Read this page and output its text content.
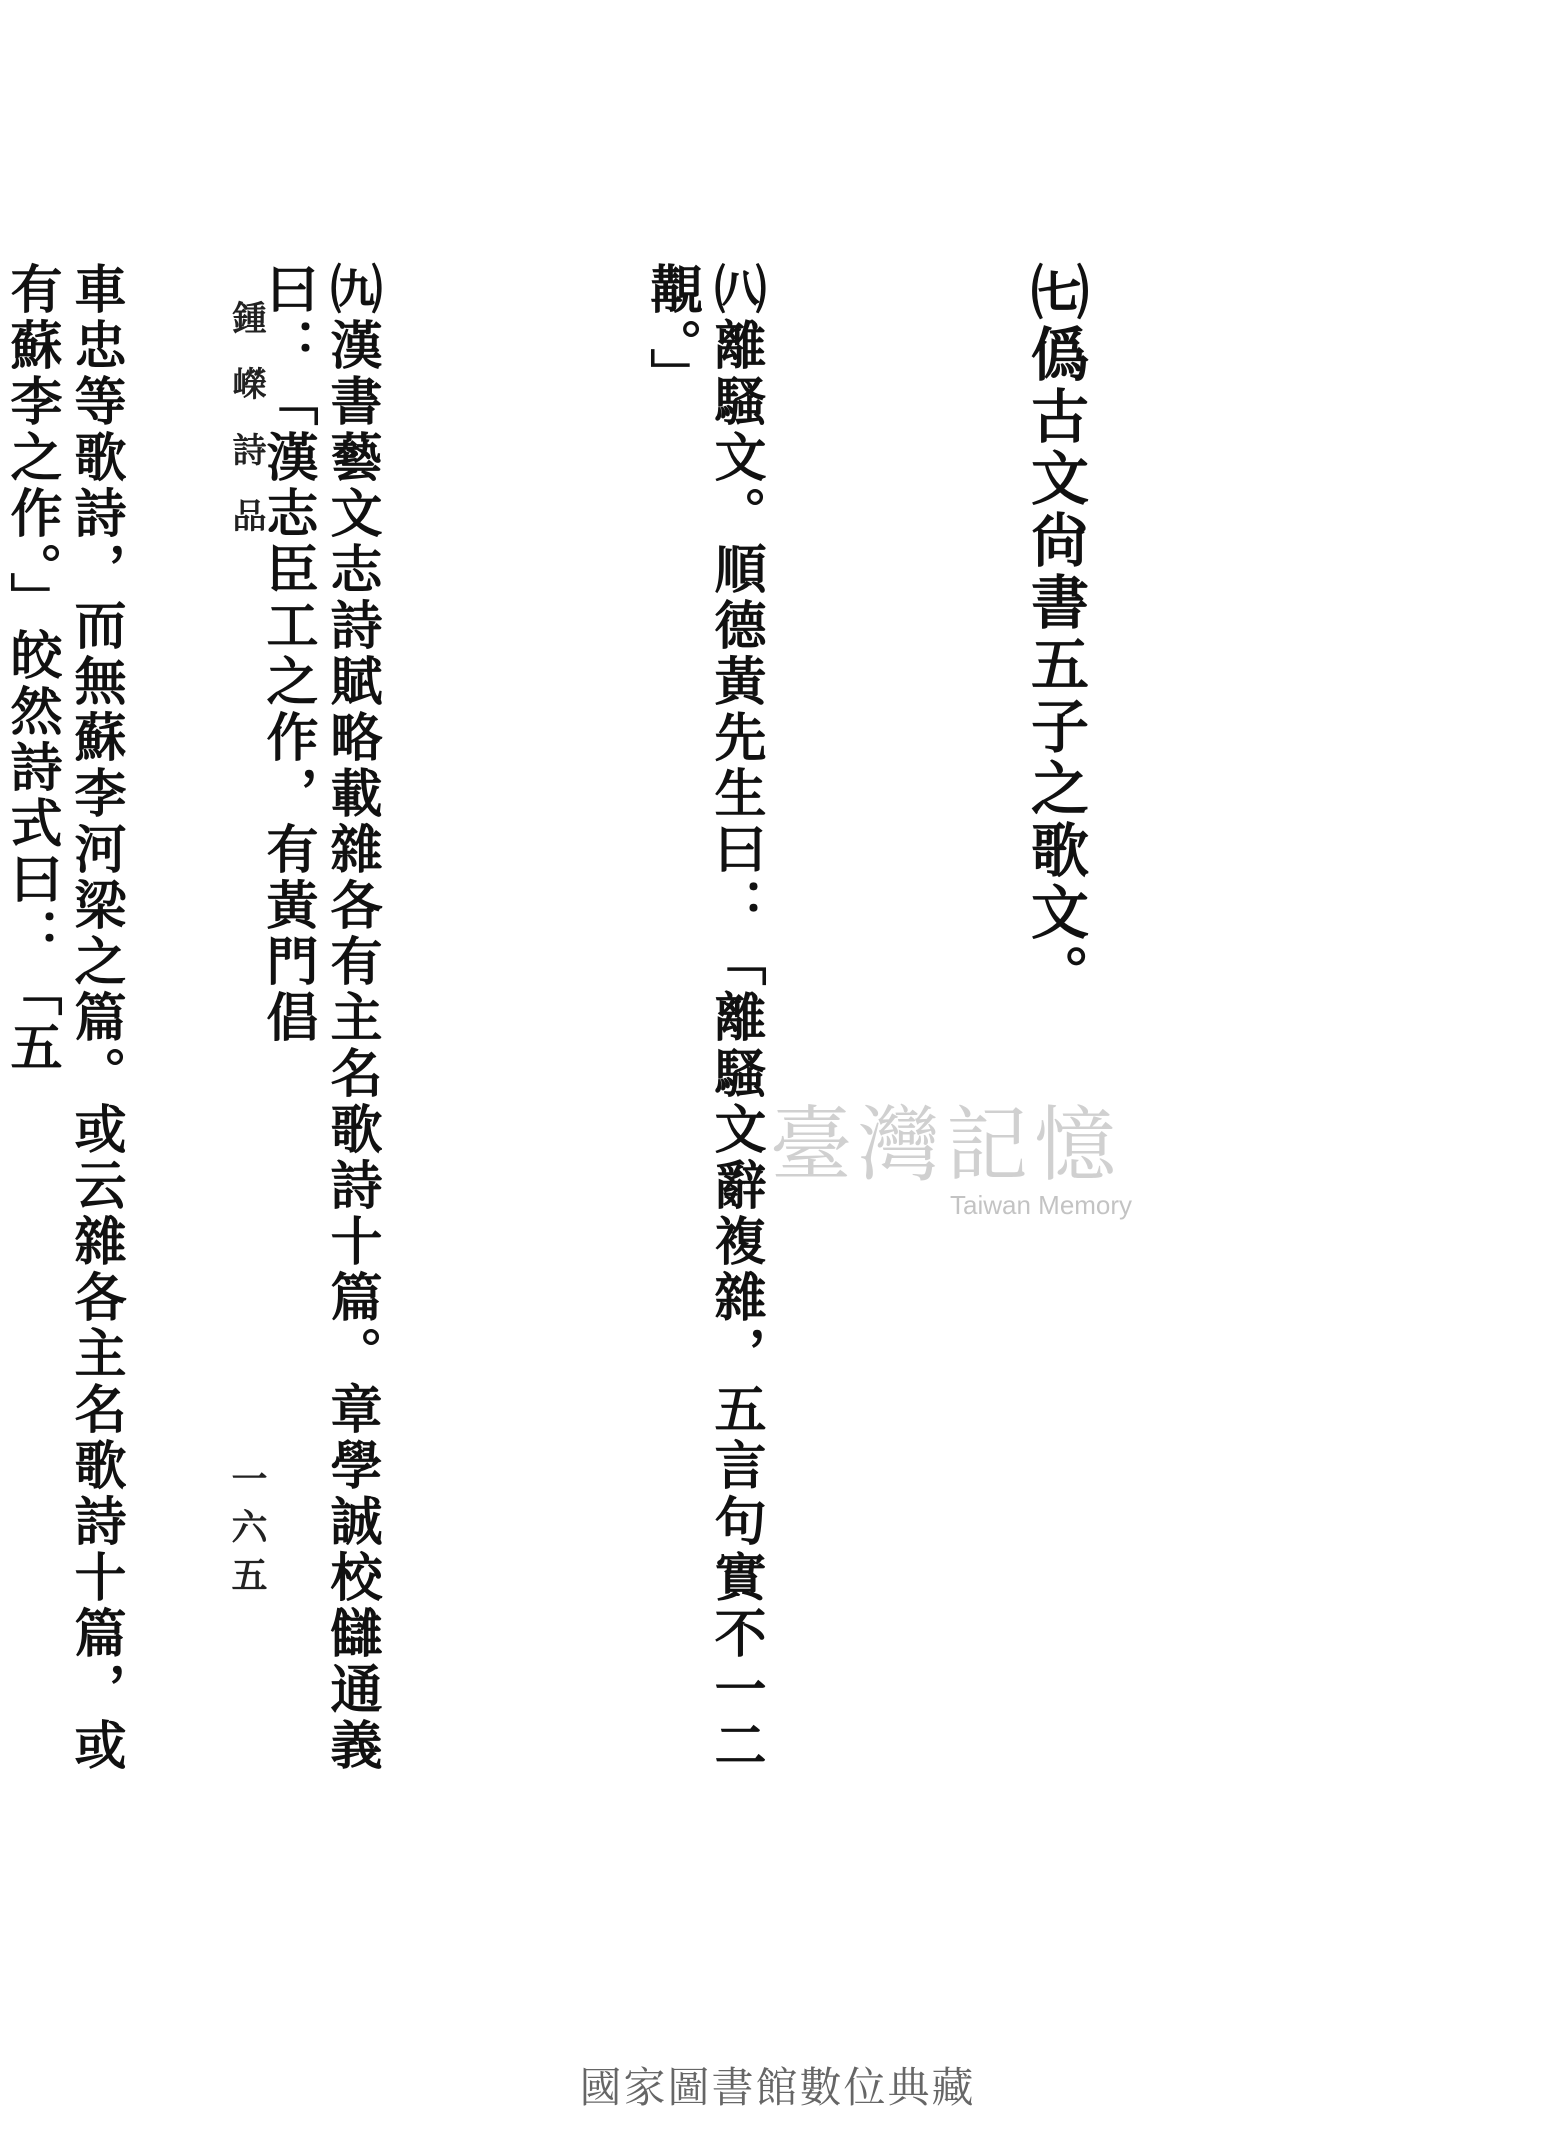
㈦僞古文尙書五子之歌文。

㈧離騷文。順德黃先生曰：「離騷文辭複雜，五言句實不一二覯。」

㈨漢書藝文志詩賦略載雜各有主名歌詩十篇。章學誠校讎通義曰：「漢志臣工之作，有黃門倡

車忠等歌詩，而無蘇李河梁之篇。或云雜各主名歌詩十篇，或有蘇李之作。」皎然詩式曰：「五

一六五
鍾嶸詩品
臺灣記憶
Taiwan Memory
國家圖書館數位典藏
